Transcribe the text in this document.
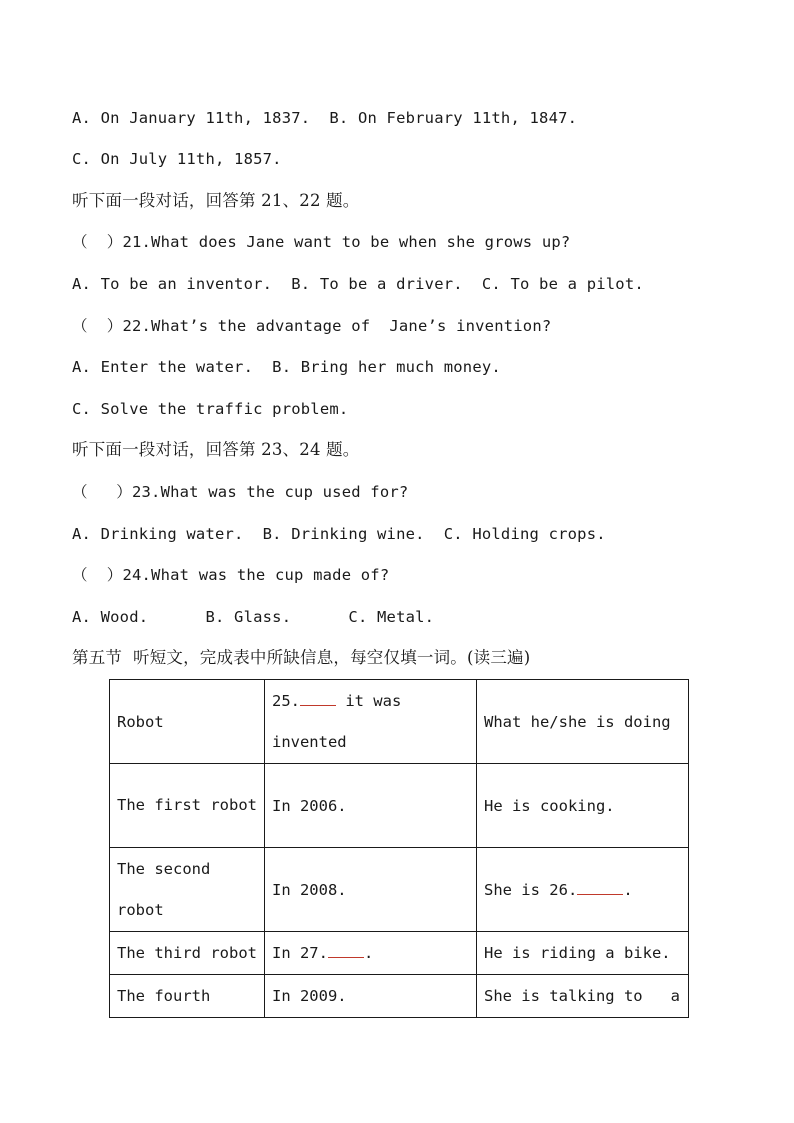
A. On January 11th, 1837.  B. On February 11th, 1847.
C. On July 11th, 1857.
听下面一段对话，回答第 21、22 题。
（  ）21.What does Jane want to be when she grows up?
A. To be an inventor.  B. To be a driver.  C. To be a pilot.
（  ）22.What’s the advantage of  Jane’s invention?
A. Enter the water.  B. Bring her much money.
C. Solve the traffic problem.
听下面一段对话，回答第 23、24 题。
（   ）23.What was the cup used for?
A. Drinking water.  B. Drinking wine.  C. Holding crops.
（  ）24.What was the cup made of?
A. Wood.      B. Glass.      C. Metal.
第五节  听短文，完成表中所缺信息，每空仅填一词。(读三遍)
Robot	25. it was invented	What he/she is doing
The first robot	In 2006.	He is cooking.
The second robot	In 2008.	She is 26. .
The third robot	In 27. .	He is riding a bike.
The fourth	In 2009.	She is talking to   a
